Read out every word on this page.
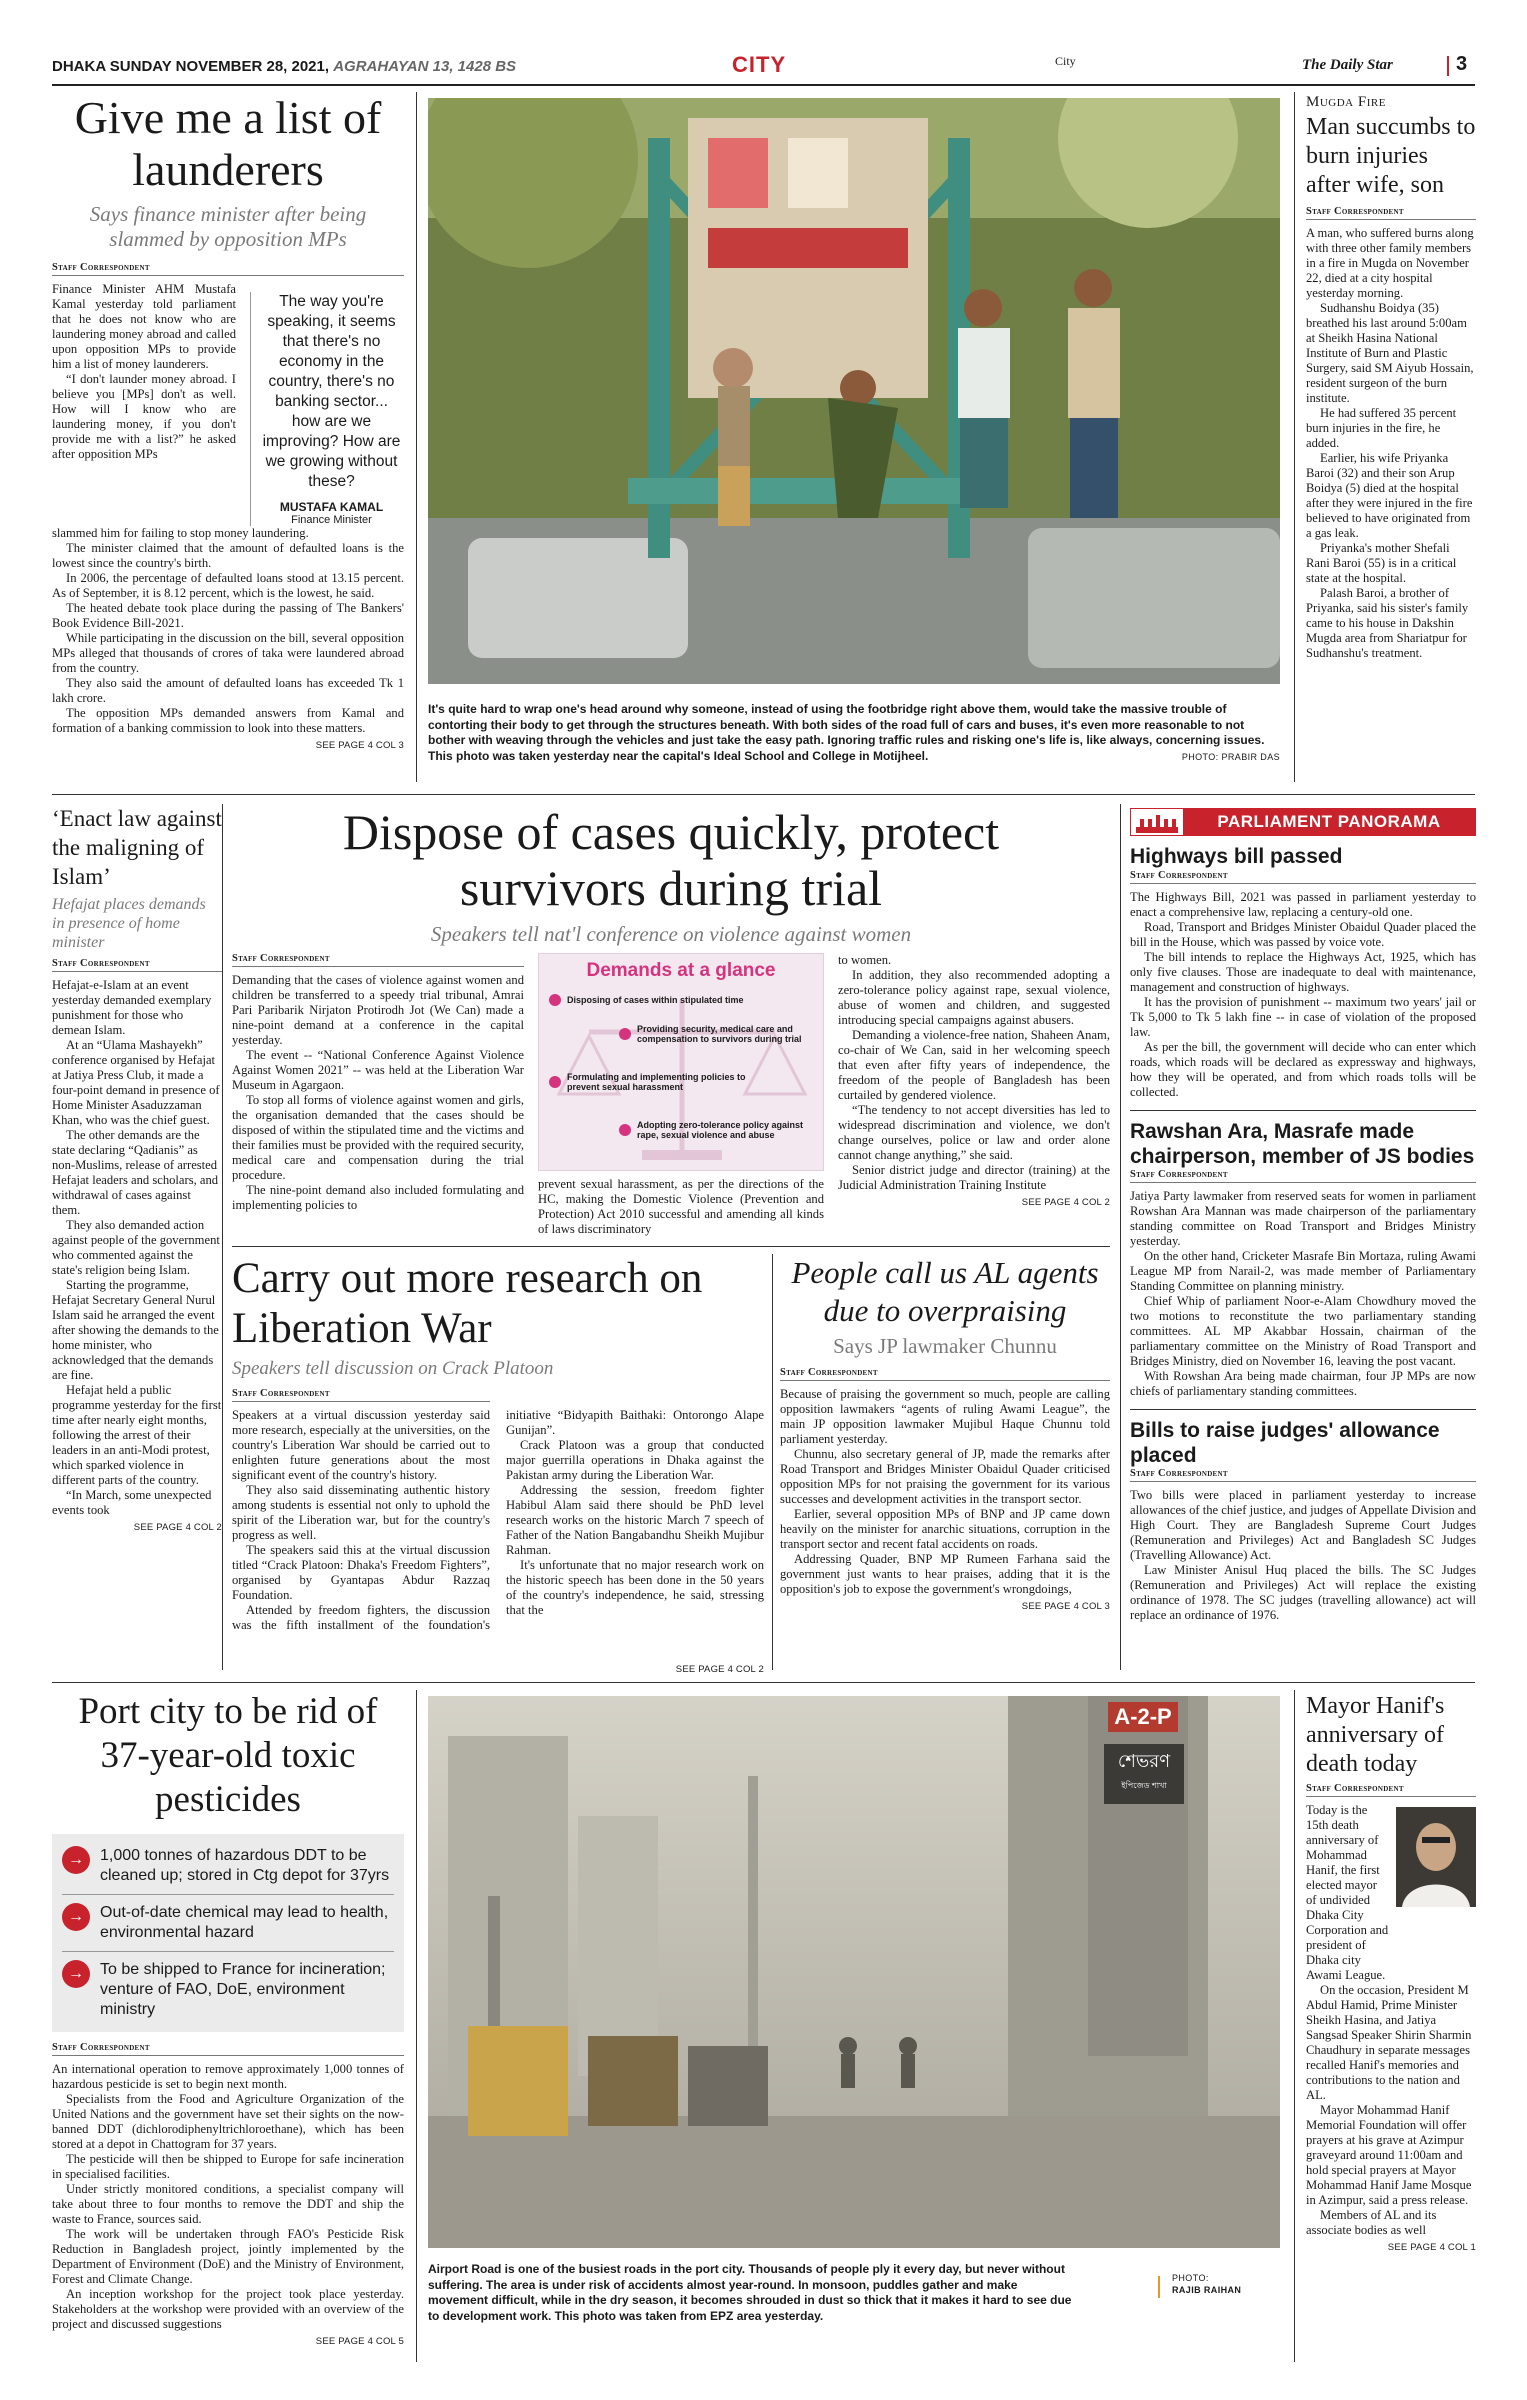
DHAKA SUNDAY NOVEMBER 28, 2021, AGRAHAYAN 13, 1428 BS	CITY	City	The Daily Star	3
Give me a list of launderers
Says finance minister after being slammed by opposition MPs
Staff Correspondent

Finance Minister AHM Mustafa Kamal yesterday told parliament that he does not know who are laundering money abroad and called upon opposition MPs to provide him a list of money launderers.

“I don't launder money abroad. I believe you [MPs] don't as well. How will I know who are laundering money, if you don't provide me with a list?” he asked after opposition MPs

The way you're speaking, it seems that there's no economy in the country, there's no banking sector... how are we improving? How are we growing without these?
MUSTAFA KAMAL
Finance Minister

slammed him for failing to stop money laundering.

The minister claimed that the amount of defaulted loans is the lowest since the country's birth.

In 2006, the percentage of defaulted loans stood at 13.15 percent. As of September, it is 8.12 percent, which is the lowest, he said.

The heated debate took place during the passing of The Bankers' Book Evidence Bill-2021.

While participating in the discussion on the bill, several opposition MPs alleged that thousands of crores of taka were laundered abroad from the country.

They also said the amount of defaulted loans has exceeded Tk 1 lakh crore.

The opposition MPs demanded answers from Kamal and formation of a banking commission to look into these matters.

SEE PAGE 4 COL 3
It's quite hard to wrap one's head around why someone, instead of using the footbridge right above them, would take the massive trouble of contorting their body to get through the structures beneath. With both sides of the road full of cars and buses, it's even more reasonable to not bother with weaving through the vehicles and just take the easy path. Ignoring traffic rules and risking one's life is, like always, concerning issues. This photo was taken yesterday near the capital's Ideal School and College in Motijheel.	PHOTO: PRABIR DAS
Mugda Fire
Man succumbs to burn injuries after wife, son
Staff Correspondent

A man, who suffered burns along with three other family members in a fire in Mugda on November 22, died at a city hospital yesterday morning.

Sudhanshu Boidya (35) breathed his last around 5:00am at Sheikh Hasina National Institute of Burn and Plastic Surgery, said SM Aiyub Hossain, resident surgeon of the burn institute.

He had suffered 35 percent burn injuries in the fire, he added.

Earlier, his wife Priyanka Baroi (32) and their son Arup Boidya (5) died at the hospital after they were injured in the fire believed to have originated from a gas leak.

Priyanka's mother Shefali Rani Baroi (55) is in a critical state at the hospital.

Palash Baroi, a brother of Priyanka, said his sister's family came to his house in Dakshin Mugda area from Shariatpur for Sudhanshu's treatment.

‘Enact law against the maligning of Islam’
Hefajat places demands in presence of home minister
Staff Correspondent

Hefajat-e-Islam at an event yesterday demanded exemplary punishment for those who demean Islam.

At an “Ulama Mashayekh” conference organised by Hefajat at Jatiya Press Club, it made a four-point demand in presence of Home Minister Asaduzzaman Khan, who was the chief guest.

The other demands are the state declaring “Qadianis” as non-Muslims, release of arrested Hefajat leaders and scholars, and withdrawal of cases against them.

They also demanded action against people of the government who commented against the state's religion being Islam.

Starting the programme, Hefajat Secretary General Nurul Islam said he arranged the event after showing the demands to the home minister, who acknowledged that the demands are fine.

Hefajat held a public programme yesterday for the first time after nearly eight months, following the arrest of their leaders in an anti-Modi protest, which sparked violence in different parts of the country.

“In March, some unexpected events took

SEE PAGE 4 COL 2
Dispose of cases quickly, protect survivors during trial
Speakers tell nat'l conference on violence against women
Staff Correspondent

Demanding that the cases of violence against women and children be transferred to a speedy trial tribunal, Amrai Pari Paribarik Nirjaton Protirodh Jot (We Can) made a nine-point demand at a conference in the capital yesterday.

The event -- “National Conference Against Violence Against Women 2021” -- was held at the Liberation War Museum in Agargaon.

To stop all forms of violence against women and girls, the organisation demanded that the cases should be disposed of within the stipulated time and the victims and their families must be provided with the required security, medical care and compensation during the trial procedure.

The nine-point demand also included formulating and implementing policies to

Demands at a glance
Disposing of cases within stipulated time
Providing security, medical care and compensation to survivors during trial
Formulating and implementing policies to prevent sexual harassment
Adopting zero-tolerance policy against rape, sexual violence and abuse

prevent sexual harassment, as per the directions of the HC, making the Domestic Violence (Prevention and Protection) Act 2010 successful and amending all kinds of laws discriminatory

to women.

In addition, they also recommended adopting a zero-tolerance policy against rape, sexual violence, abuse of women and children, and suggested introducing special campaigns against abusers.

Demanding a violence-free nation, Shaheen Anam, co-chair of We Can, said in her welcoming speech that even after fifty years of independence, the freedom of the people of Bangladesh has been curtailed by gendered violence.

“The tendency to not accept diversities has led to widespread discrimination and violence, we don't change ourselves, police or law and order alone cannot change anything,” she said.

Senior district judge and director (training) at the Judicial Administration Training Institute

SEE PAGE 4 COL 2
PARLIAMENT PANORAMA
Highways bill passed
Staff Correspondent

The Highways Bill, 2021 was passed in parliament yesterday to enact a comprehensive law, replacing a century-old one.

Road, Transport and Bridges Minister Obaidul Quader placed the bill in the House, which was passed by voice vote.

The bill intends to replace the Highways Act, 1925, which has only five clauses. Those are inadequate to deal with maintenance, management and construction of highways.

It has the provision of punishment -- maximum two years' jail or Tk 5,000 to Tk 5 lakh fine -- in case of violation of the proposed law.

As per the bill, the government will decide who can enter which roads, which roads will be declared as expressway and highways, how they will be operated, and from which roads tolls will be collected.

Rawshan Ara, Masrafe made chairperson, member of JS bodies
Staff Correspondent

Jatiya Party lawmaker from reserved seats for women in parliament Rowshan Ara Mannan was made chairperson of the parliamentary standing committee on Road Transport and Bridges Ministry yesterday.

On the other hand, Cricketer Masrafe Bin Mortaza, ruling Awami League MP from Narail-2, was made member of Parliamentary Standing Committee on planning ministry.

Chief Whip of parliament Noor-e-Alam Chowdhury moved the two motions to reconstitute the two parliamentary standing committees. AL MP Akabbar Hossain, chairman of the parliamentary committee on the Ministry of Road Transport and Bridges Ministry, died on November 16, leaving the post vacant.

With Rowshan Ara being made chairman, four JP MPs are now chiefs of parliamentary standing committees.

Bills to raise judges' allowance placed
Staff Correspondent

Two bills were placed in parliament yesterday to increase allowances of the chief justice, and judges of Appellate Division and High Court. They are Bangladesh Supreme Court Judges (Remuneration and Privileges) Act and Bangladesh SC Judges (Travelling Allowance) Act.

Law Minister Anisul Huq placed the bills. The SC Judges (Remuneration and Privileges) Act will replace the existing ordinance of 1978. The SC judges (travelling allowance) act will replace an ordinance of 1976.

Carry out more research on Liberation War
Speakers tell discussion on Crack Platoon
Staff Correspondent

Speakers at a virtual discussion yesterday said more research, especially at the universities, on the country's Liberation War should be carried out to enlighten future generations about the most significant event of the country's history.

They also said disseminating authentic history among students is essential not only to uphold the spirit of the Liberation war, but for the country's progress as well.

The speakers said this at the virtual discussion titled “Crack Platoon: Dhaka's Freedom Fighters”, organised by Gyantapas Abdur Razzaq Foundation.

Attended by freedom fighters, the discussion was the fifth installment of the foundation's initiative “Bidyapith Baithaki: Ontorongo Alape Gunijan”.

Crack Platoon was a group that conducted major guerrilla operations in Dhaka against the Pakistan army during the Liberation War.

Addressing the session, freedom fighter Habibul Alam said there should be PhD level research works on the historic March 7 speech of Father of the Nation Bangabandhu Sheikh Mujibur Rahman.

It's unfortunate that no major research work on the historic speech has been done in the 50 years of the country's independence, he said, stressing that the

SEE PAGE 4 COL 2
People call us AL agents due to overpraising
Says JP lawmaker Chunnu
Staff Correspondent

Because of praising the government so much, people are calling opposition lawmakers “agents of ruling Awami League”, the main JP opposition lawmaker Mujibul Haque Chunnu told parliament yesterday.

Chunnu, also secretary general of JP, made the remarks after Road Transport and Bridges Minister Obaidul Quader criticised opposition MPs for not praising the government for its various successes and development activities in the transport sector.

Earlier, several opposition MPs of BNP and JP came down heavily on the minister for anarchic situations, corruption in the transport sector and recent fatal accidents on roads.

Addressing Quader, BNP MP Rumeen Farhana said the government just wants to hear praises, adding that it is the opposition's job to expose the government's wrongdoings,

SEE PAGE 4 COL 3
Port city to be rid of 37-year-old toxic pesticides
→	1,000 tonnes of hazardous DDT to be cleaned up; stored in Ctg depot for 37yrs
→	Out-of-date chemical may lead to health, environmental hazard
→	To be shipped to France for incineration; venture of FAO, DoE, environment ministry
Staff Correspondent

An international operation to remove approximately 1,000 tonnes of hazardous pesticide is set to begin next month.

Specialists from the Food and Agriculture Organization of the United Nations and the government have set their sights on the now-banned DDT (dichlorodiphenyltrichloroethane), which has been stored at a depot in Chattogram for 37 years.

The pesticide will then be shipped to Europe for safe incineration in specialised facilities.

Under strictly monitored conditions, a specialist company will take about three to four months to remove the DDT and ship the waste to France, sources said.

The work will be undertaken through FAO's Pesticide Risk Reduction in Bangladesh project, jointly implemented by the Department of Environment (DoE) and the Ministry of Environment, Forest and Climate Change.

An inception workshop for the project took place yesterday. Stakeholders at the workshop were provided with an overview of the project and discussed suggestions

SEE PAGE 4 COL 5
A-2-P
শেভরণ
ইপিজেড শাখা
Airport Road is one of the busiest roads in the port city. Thousands of people ply it every day, but never without suffering. The area is under risk of accidents almost year-round. In monsoon, puddles gather and make movement difficult, while in the dry season, it becomes shrouded in dust so thick that it makes it hard to see due to development work. This photo was taken from EPZ area yesterday.
PHOTO:
RAJIB RAIHAN
Mayor Hanif's anniversary of death today
Staff Correspondent

Today is the 15th death anniversary of Mohammad Hanif, the first elected mayor of undivided Dhaka City Corporation and president of Dhaka city Awami League.

On the occasion, President M Abdul Hamid, Prime Minister Sheikh Hasina, and Jatiya Sangsad Speaker Shirin Sharmin Chaudhury in separate messages recalled Hanif's memories and contributions to the nation and AL.

Mayor Mohammad Hanif Memorial Foundation will offer prayers at his grave at Azimpur graveyard around 11:00am and hold special prayers at Mayor Mohammad Hanif Jame Mosque in Azimpur, said a press release.

Members of AL and its associate bodies as well

SEE PAGE 4 COL 1
